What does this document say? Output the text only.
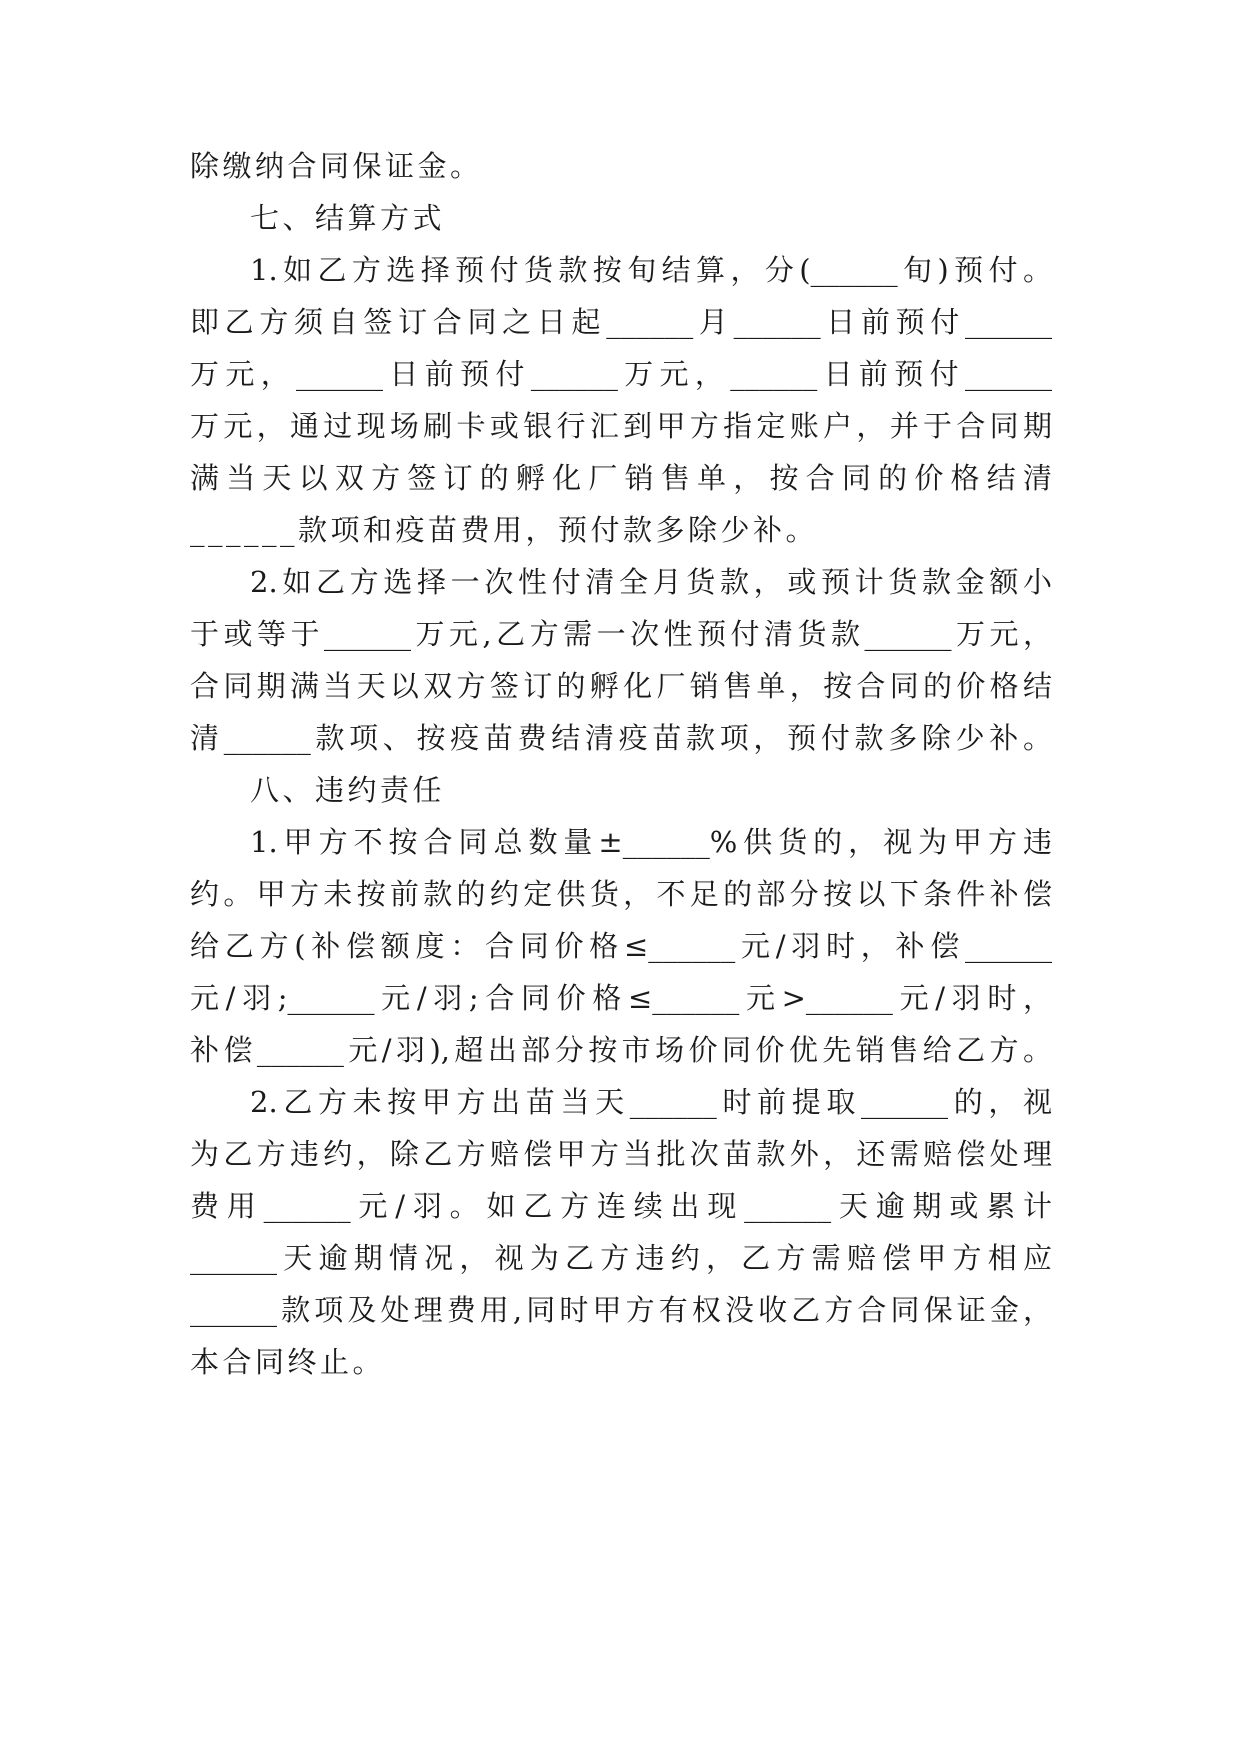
除缴纳合同保证金。

七、结算方式

1.如乙方选择预付货款按旬结算，分(______旬)预付。

即乙方须自签订合同之日起______月______日前预付______

万元，______日前预付______万元，______日前预付______

万元，通过现场刷卡或银行汇到甲方指定账户，并于合同期

满当天以双方签订的孵化厂销售单，按合同的价格结清

______款项和疫苗费用，预付款多除少补。

2.如乙方选择一次性付清全月货款，或预计货款金额小

于或等于______万元,乙方需一次性预付清货款______万元，

合同期满当天以双方签订的孵化厂销售单，按合同的价格结

清______款项、按疫苗费结清疫苗款项，预付款多除少补。

八、违约责任

1.甲方不按合同总数量±______%供货的，视为甲方违

约。甲方未按前款的约定供货，不足的部分按以下条件补偿

给乙方(补偿额度：合同价格≤______元/羽时，补偿______

元/羽;______元/羽;合同价格≤______元>______元/羽时，

补偿______元/羽),超出部分按市场价同价优先销售给乙方。

2.乙方未按甲方出苗当天______时前提取______的，视

为乙方违约，除乙方赔偿甲方当批次苗款外，还需赔偿处理

费用______元/羽。如乙方连续出现______天逾期或累计

______天逾期情况，视为乙方违约，乙方需赔偿甲方相应

______款项及处理费用,同时甲方有权没收乙方合同保证金，

本合同终止。
